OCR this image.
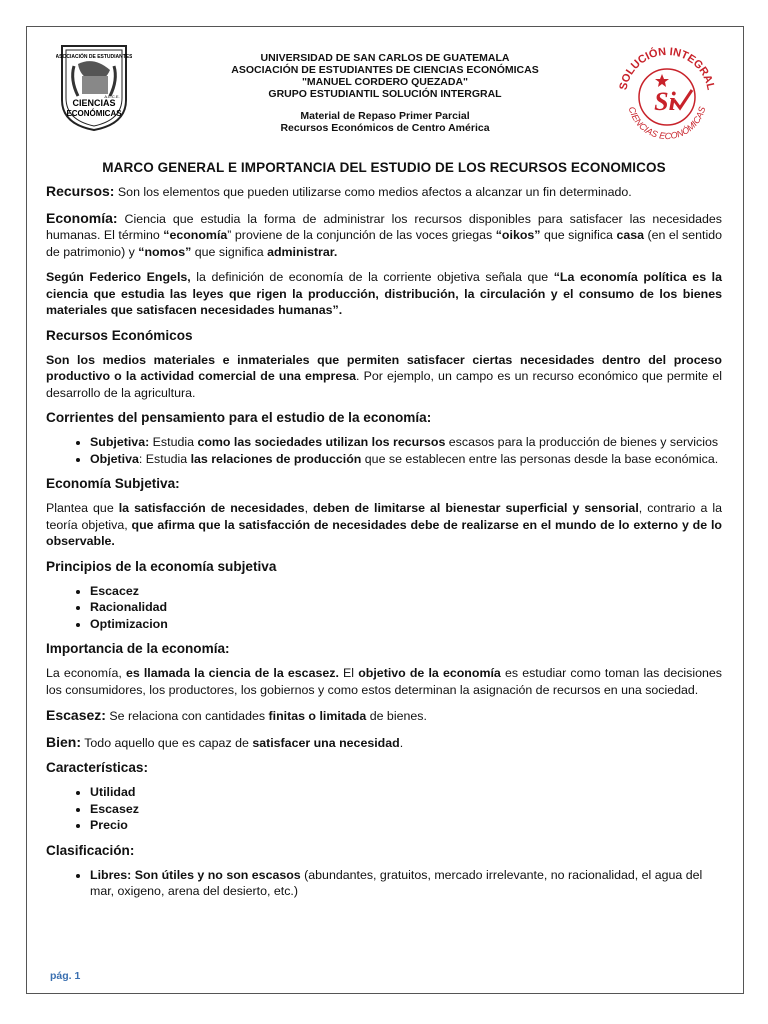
ASOCIACIÓN DE ESTUDIANTES
CIENCIAS
ECONÓMICAS
A.E.C.E.
UNIVERSIDAD DE SAN CARLOS DE GUATEMALA
ASOCIACIÓN DE ESTUDIANTES DE CIENCIAS ECONÓMICAS
"MANUEL CORDERO QUEZADA"
GRUPO ESTUDIANTIL SOLUCIÓN INTERGRAL
Material de Repaso Primer Parcial
Recursos Económicos de Centro América
SOLUCIÓN INTEGRAL
CIENCIAS ECONÓMICAS
Si
MARCO GENERAL E IMPORTANCIA DEL ESTUDIO DE LOS RECURSOS ECONOMICOS

Recursos: Son los elementos que pueden utilizarse como medios afectos a alcanzar un fin determinado.

Economía: Ciencia que estudia la forma de administrar los recursos disponibles para satisfacer las necesidades humanas. El término “economía” proviene de la conjunción de las voces griegas “oikos” que significa casa (en el sentido de patrimonio) y “nomos” que significa administrar.

Según Federico Engels, la definición de economía de la corriente objetiva señala que “La economía política es la ciencia que estudia las leyes que rigen la producción, distribución, la circulación y el consumo de los bienes materiales que satisfacen necesidades humanas”.

Recursos Económicos

Son los medios materiales e inmateriales que permiten satisfacer ciertas necesidades dentro del proceso productivo o la actividad comercial de una empresa. Por ejemplo, un campo es un recurso económico que permite el desarrollo de la agricultura.

Corrientes del pensamiento para el estudio de la economía:
• Subjetiva: Estudia como las sociedades utilizan los recursos escasos para la producción de bienes y servicios
• Objetiva: Estudia las relaciones de producción que se establecen entre las personas desde la base económica.
Economía Subjetiva:

Plantea que la satisfacción de necesidades, deben de limitarse al bienestar superficial y sensorial, contrario a la teoría objetiva, que afirma que la satisfacción de necesidades debe de realizarse en el mundo de lo externo y de lo observable.

Principios de la economía subjetiva
• Escacez
• Racionalidad
• Optimizacion
Importancia de la economía:

La economía, es llamada la ciencia de la escasez. El objetivo de la economía es estudiar como toman las decisiones los consumidores, los productores, los gobiernos y como estos determinan la asignación de recursos en una sociedad.

Escasez: Se relaciona con cantidades finitas o limitada de bienes.

Bien: Todo aquello que es capaz de satisfacer una necesidad.

Características:
• Utilidad
• Escasez
• Precio
Clasificación:
• Libres: Son útiles y no son escasos (abundantes, gratuitos, mercado irrelevante, no racionalidad, el agua del mar, oxigeno, arena del desierto, etc.)
pág. 1
